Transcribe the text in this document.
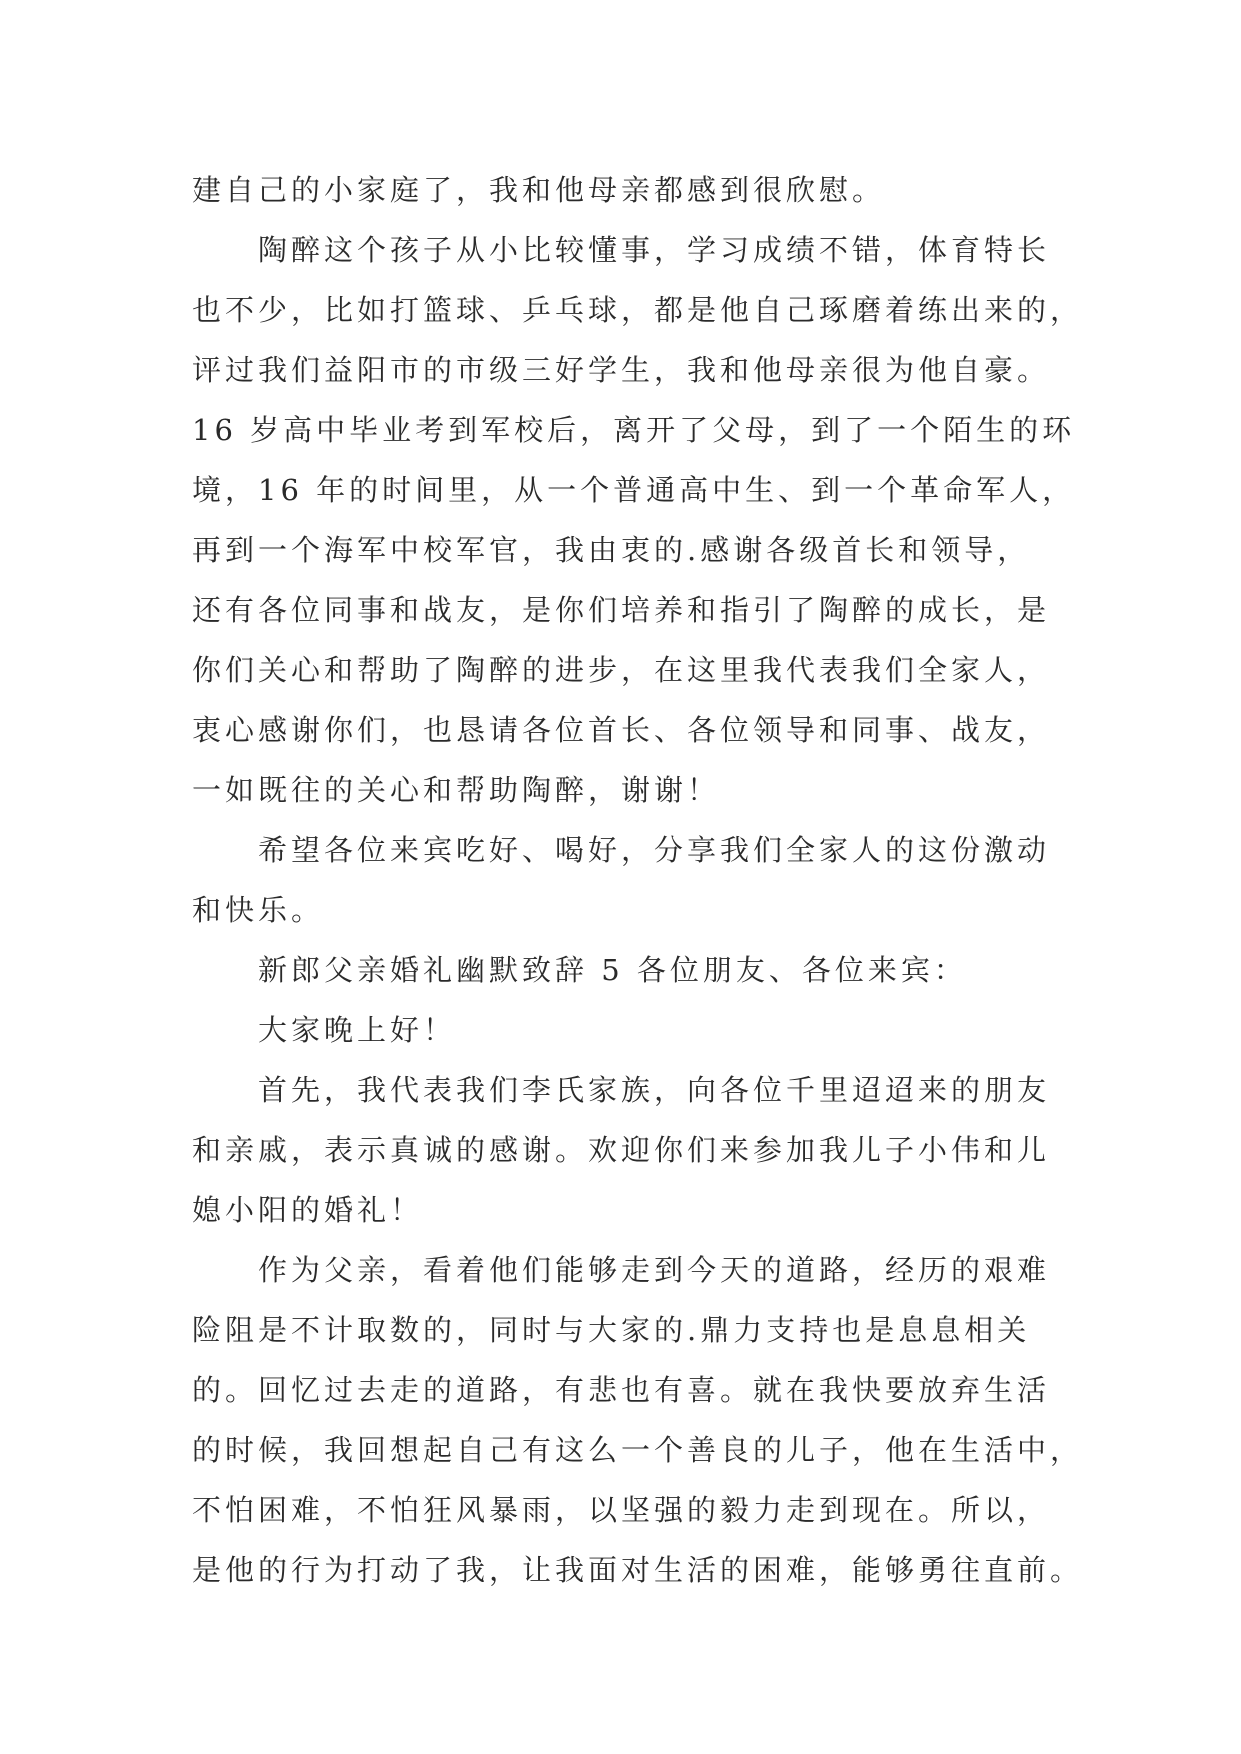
建自己的小家庭了，我和他母亲都感到很欣慰。
陶醉这个孩子从小比较懂事，学习成绩不错，体育特长
也不少，比如打篮球、乒乓球，都是他自己琢磨着练出来的，
评过我们益阳市的市级三好学生，我和他母亲很为他自豪。
16 岁高中毕业考到军校后，离开了父母，到了一个陌生的环
境，16 年的时间里，从一个普通高中生、到一个革命军人，
再到一个海军中校军官，我由衷的.感谢各级首长和领导，
还有各位同事和战友，是你们培养和指引了陶醉的成长，是
你们关心和帮助了陶醉的进步，在这里我代表我们全家人，
衷心感谢你们，也恳请各位首长、各位领导和同事、战友，
一如既往的关心和帮助陶醉，谢谢！
希望各位来宾吃好、喝好，分享我们全家人的这份激动
和快乐。
新郎父亲婚礼幽默致辞 5 各位朋友、各位来宾：
大家晚上好！
首先，我代表我们李氏家族，向各位千里迢迢来的朋友
和亲戚，表示真诚的感谢。欢迎你们来参加我儿子小伟和儿
媳小阳的婚礼！
作为父亲，看着他们能够走到今天的道路，经历的艰难
险阻是不计取数的，同时与大家的.鼎力支持也是息息相关
的。回忆过去走的道路，有悲也有喜。就在我快要放弃生活
的时候，我回想起自己有这么一个善良的儿子，他在生活中，
不怕困难，不怕狂风暴雨，以坚强的毅力走到现在。所以，
是他的行为打动了我，让我面对生活的困难，能够勇往直前。
